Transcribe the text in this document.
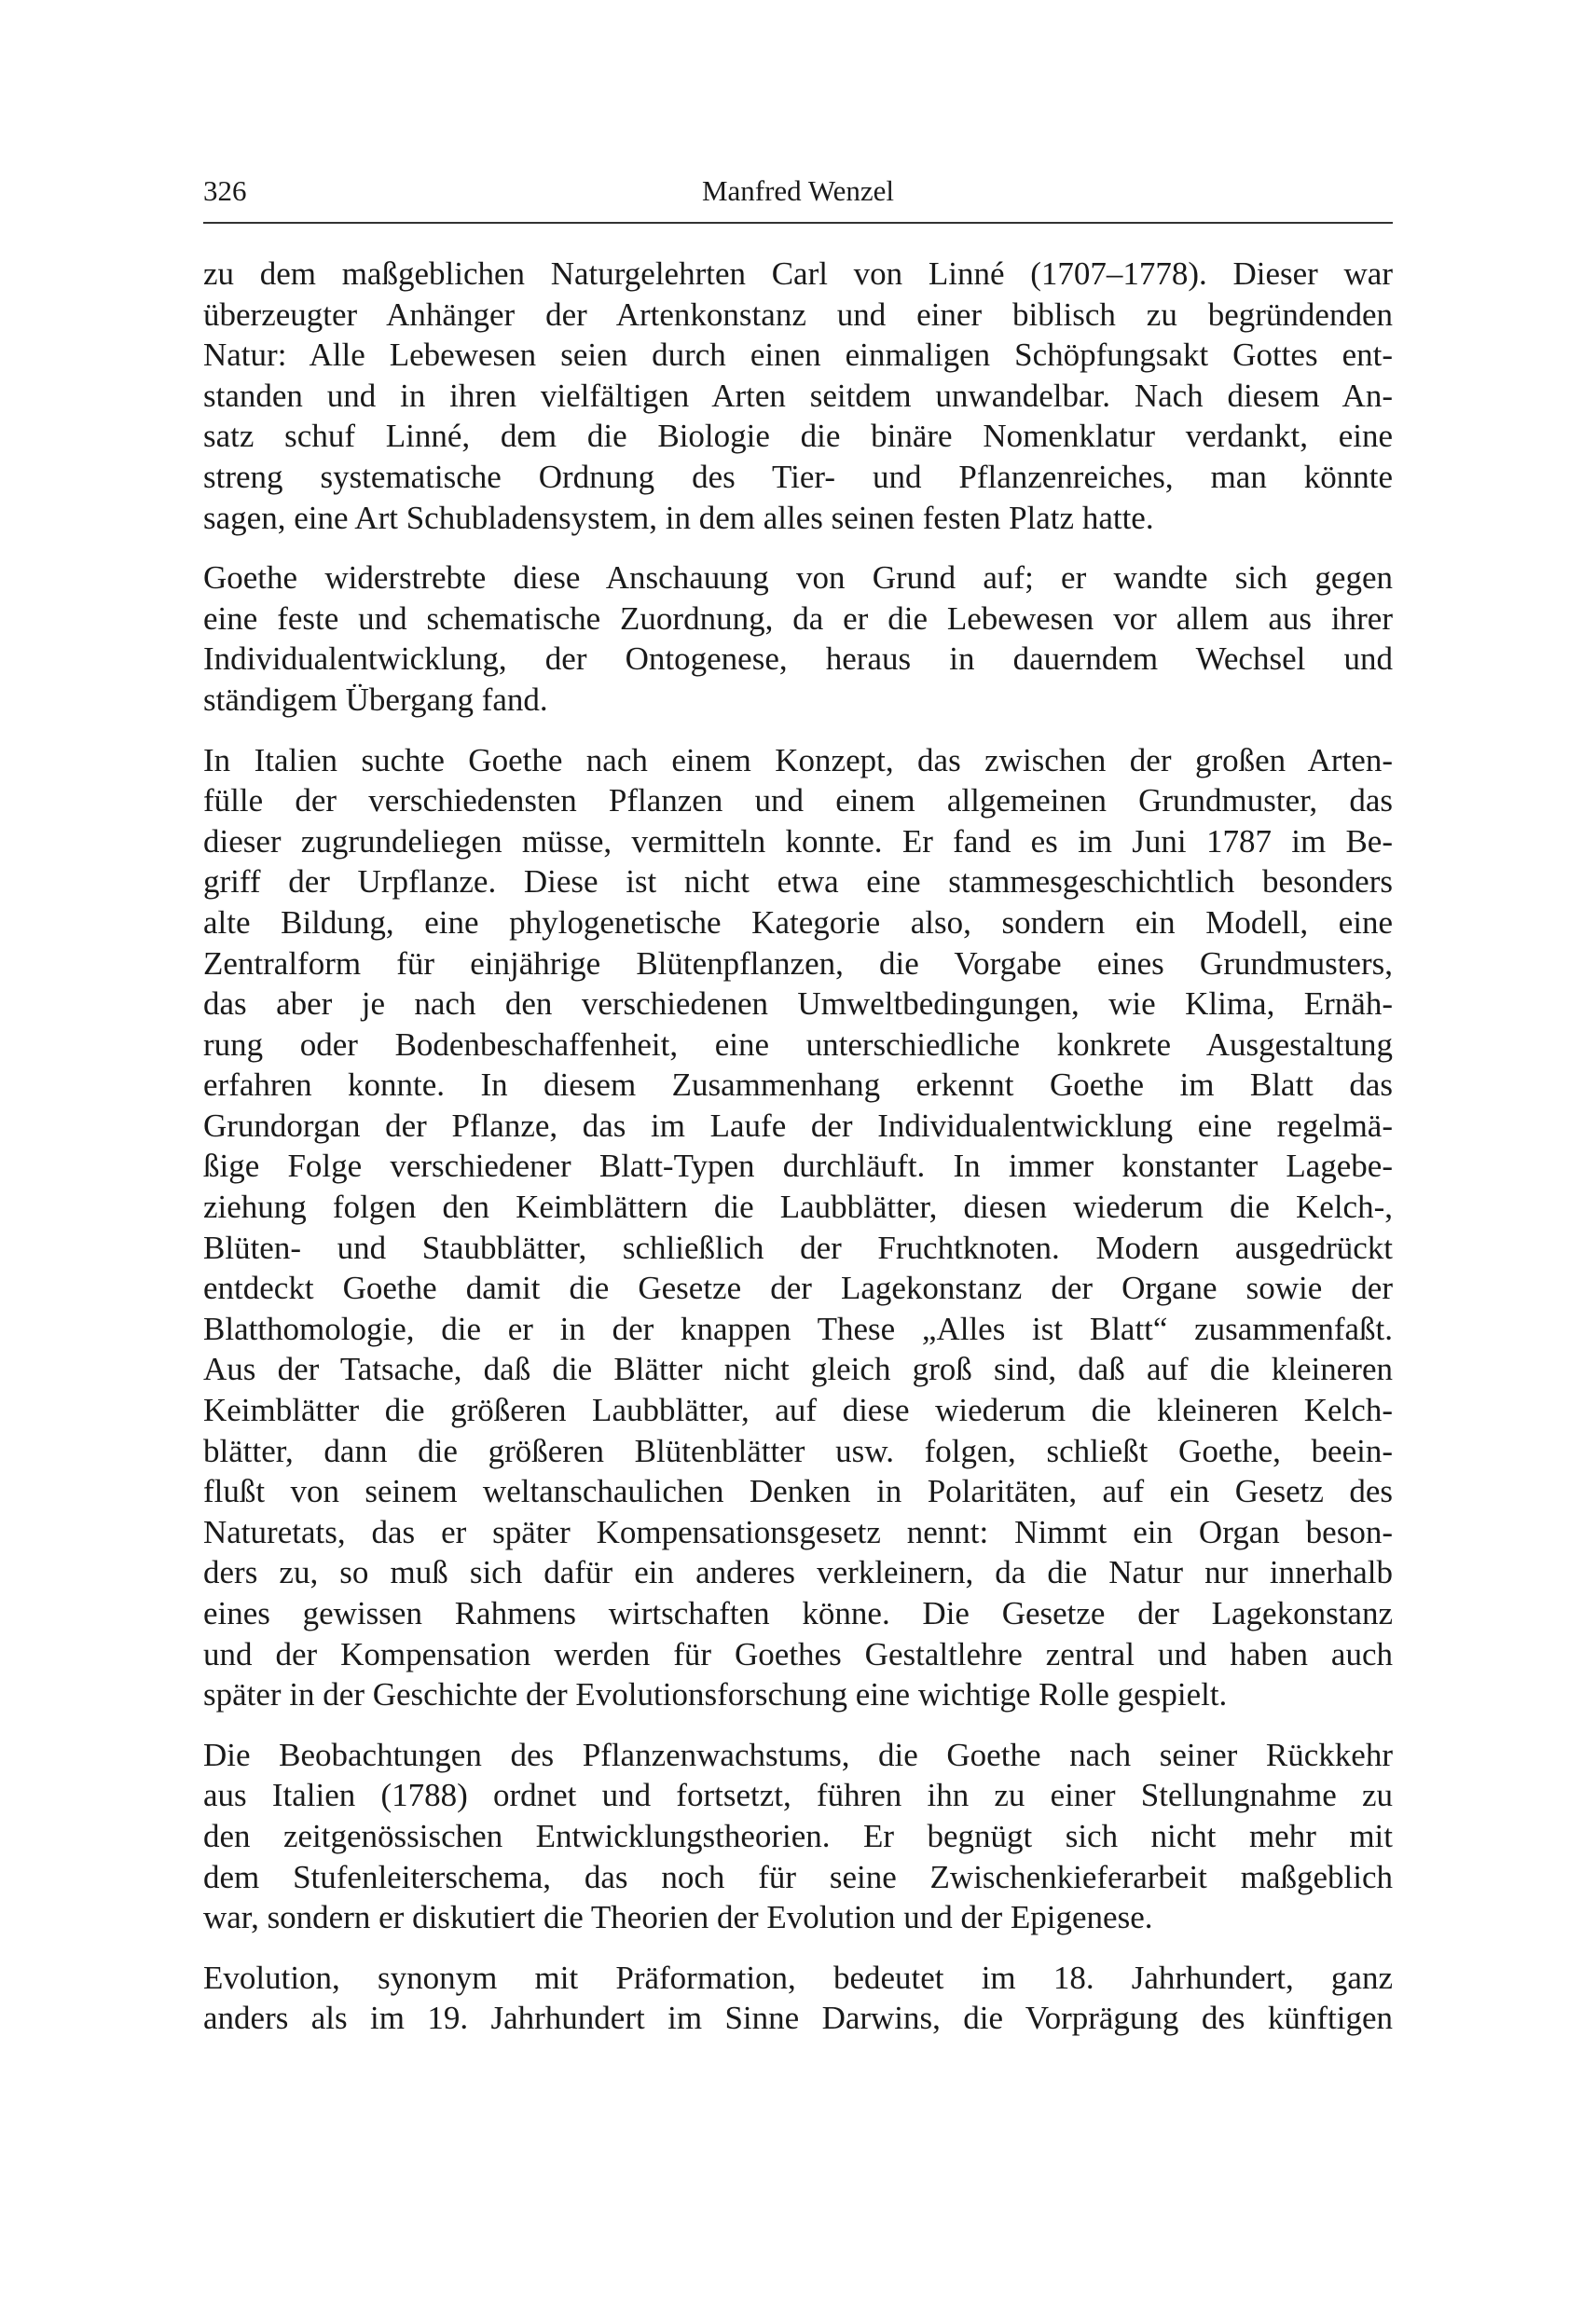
326	Manfred Wenzel
zu dem maßgeblichen Naturgelehrten Carl von Linné (1707–1778). Dieser war
überzeugter Anhänger der Artenkonstanz und einer biblisch zu begründenden
Natur: Alle Lebewesen seien durch einen einmaligen Schöpfungsakt Gottes ent-
standen und in ihren vielfältigen Arten seitdem unwandelbar. Nach diesem An-
satz schuf Linné, dem die Biologie die binäre Nomenklatur verdankt, eine
streng systematische Ordnung des Tier- und Pflanzenreiches, man könnte
sagen, eine Art Schubladensystem, in dem alles seinen festen Platz hatte.
Goethe widerstrebte diese Anschauung von Grund auf; er wandte sich gegen
eine feste und schematische Zuordnung, da er die Lebewesen vor allem aus ihrer
Individualentwicklung, der Ontogenese, heraus in dauerndem Wechsel und
ständigem Übergang fand.
In Italien suchte Goethe nach einem Konzept, das zwischen der großen Arten-
fülle der verschiedensten Pflanzen und einem allgemeinen Grundmuster, das
dieser zugrundeliegen müsse, vermitteln konnte. Er fand es im Juni 1787 im Be-
griff der Urpflanze. Diese ist nicht etwa eine stammesgeschichtlich besonders
alte Bildung, eine phylogenetische Kategorie also, sondern ein Modell, eine
Zentralform für einjährige Blütenpflanzen, die Vorgabe eines Grundmusters,
das aber je nach den verschiedenen Umweltbedingungen, wie Klima, Ernäh-
rung oder Bodenbeschaffenheit, eine unterschiedliche konkrete Ausgestaltung
erfahren konnte. In diesem Zusammenhang erkennt Goethe im Blatt das
Grundorgan der Pflanze, das im Laufe der Individualentwicklung eine regelmä-
ßige Folge verschiedener Blatt-Typen durchläuft. In immer konstanter Lagebe-
ziehung folgen den Keimblättern die Laubblätter, diesen wiederum die Kelch-,
Blüten- und Staubblätter, schließlich der Fruchtknoten. Modern ausgedrückt
entdeckt Goethe damit die Gesetze der Lagekonstanz der Organe sowie der
Blatthomologie, die er in der knappen These „Alles ist Blatt“ zusammenfaßt.
Aus der Tatsache, daß die Blätter nicht gleich groß sind, daß auf die kleineren
Keimblätter die größeren Laubblätter, auf diese wiederum die kleineren Kelch-
blätter, dann die größeren Blütenblätter usw. folgen, schließt Goethe, beein-
flußt von seinem weltanschaulichen Denken in Polaritäten, auf ein Gesetz des
Naturetats, das er später Kompensationsgesetz nennt: Nimmt ein Organ beson-
ders zu, so muß sich dafür ein anderes verkleinern, da die Natur nur innerhalb
eines gewissen Rahmens wirtschaften könne. Die Gesetze der Lagekonstanz
und der Kompensation werden für Goethes Gestaltlehre zentral und haben auch
später in der Geschichte der Evolutionsforschung eine wichtige Rolle gespielt.
Die Beobachtungen des Pflanzenwachstums, die Goethe nach seiner Rückkehr
aus Italien (1788) ordnet und fortsetzt, führen ihn zu einer Stellungnahme zu
den zeitgenössischen Entwicklungstheorien. Er begnügt sich nicht mehr mit
dem Stufenleiterschema, das noch für seine Zwischenkieferarbeit maßgeblich
war, sondern er diskutiert die Theorien der Evolution und der Epigenese.
Evolution, synonym mit Präformation, bedeutet im 18. Jahrhundert, ganz
anders als im 19. Jahrhundert im Sinne Darwins, die Vorprägung des künftigen
